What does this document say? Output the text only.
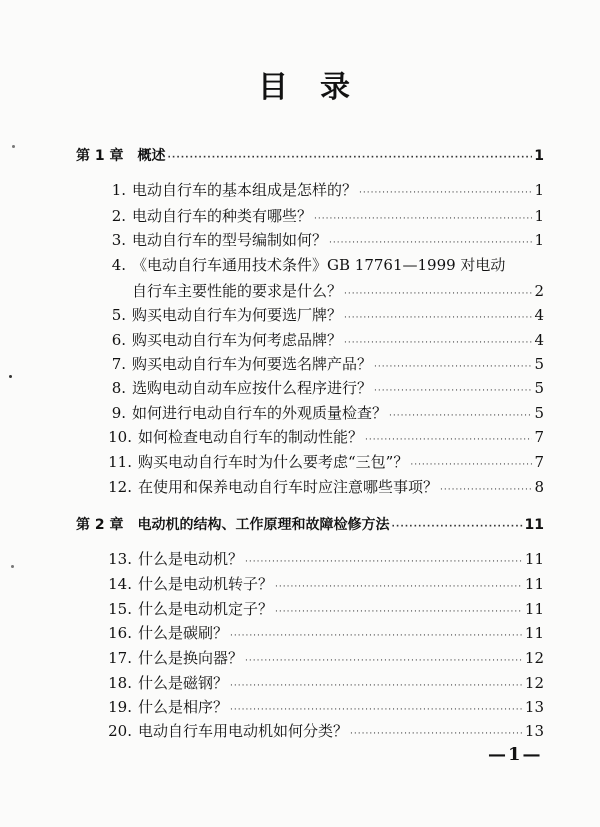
目 录
第 1 章 概述 ·····	1
1. 电动自行车的基本组成是怎样的？ ·····	1
2. 电动自行车的种类有哪些？ ·····	1
3. 电动自行车的型号编制如何？ ·····	1
4. 《电动自行车通用技术条件》GB 17761—1999 对电动
自行车主要性能的要求是什么？ ·····	2
5. 购买电动自行车为何要选厂牌？ ·····	4
6. 购买电动自行车为何考虑品牌？ ·····	4
7. 购买电动自行车为何要选名牌产品？ ·····	5
8. 选购电动自动车应按什么程序进行？ ·····	5
9. 如何进行电动自行车的外观质量检查？ ·····	5
10. 如何检查电动自行车的制动性能？ ·····	7
11. 购买电动自行车时为什么要考虑“三包”？ ·····	7
12. 在使用和保养电动自行车时应注意哪些事项？ ·····	8
第 2 章 电动机的结构、工作原理和故障检修方法 ·····	11
13. 什么是电动机？ ·····	11
14. 什么是电动机转子？ ·····	11
15. 什么是电动机定子？ ·····	11
16. 什么是碳刷？ ·····	11
17. 什么是换向器？ ·····	12
18. 什么是磁钢？ ·····	12
19. 什么是相序？ ·····	13
20. 电动自行车用电动机如何分类？ ·····	13
—1—
